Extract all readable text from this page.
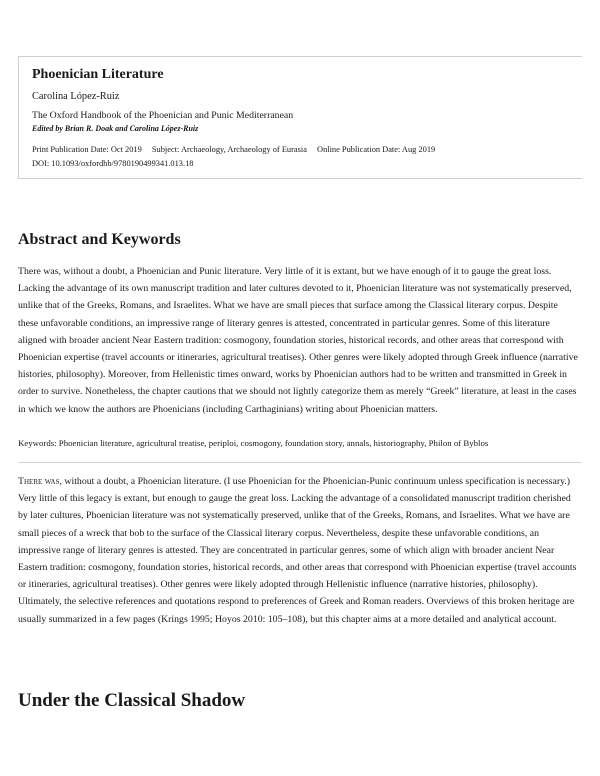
Phoenician Literature
Carolina López-Ruiz
The Oxford Handbook of the Phoenician and Punic Mediterranean
Edited by Brian R. Doak and Carolina López-Ruiz
Print Publication Date: Oct 2019 Subject: Archaeology, Archaeology of Eurasia Online Publication Date: Aug 2019
DOI: 10.1093/oxfordhb/9780190499341.013.18
Abstract and Keywords

There was, without a doubt, a Phoenician and Punic literature. Very little of it is extant, but we have enough of it to gauge the great loss. Lacking the advantage of its own manuscript tradition and later cultures devoted to it, Phoenician literature was not systematically preserved, unlike that of the Greeks, Romans, and Israelites. What we have are small pieces that surface among the Classical literary corpus. Despite these unfavorable conditions, an impressive range of literary genres is attested, concentrated in particular genres. Some of this literature aligned with broader ancient Near Eastern tradition: cosmogony, foundation stories, historical records, and other areas that correspond with Phoenician expertise (travel accounts or itineraries, agricultural treatises). Other genres were likely adopted through Greek influence (narrative histories, philosophy). Moreover, from Hellenistic times onward, works by Phoenician authors had to be written and transmitted in Greek in order to survive. Nonetheless, the chapter cautions that we should not lightly categorize them as merely “Greek” literature, at least in the cases in which we know the authors are Phoenicians (including Carthaginians) writing about Phoenician matters.

Keywords: Phoenician literature, agricultural treatise, periploi, cosmogony, foundation story, annals, historiography, Philon of Byblos

There was, without a doubt, a Phoenician literature. (I use Phoenician for the Phoenician-Punic continuum unless specification is necessary.) Very little of this legacy is extant, but enough to gauge the great loss. Lacking the advantage of a consolidated manuscript tradition cherished by later cultures, Phoenician literature was not systematically preserved, unlike that of the Greeks, Romans, and Israelites. What we have are small pieces of a wreck that bob to the surface of the Classical literary corpus. Nevertheless, despite these unfavorable conditions, an impressive range of literary genres is attested. They are concentrated in particular genres, some of which align with broader ancient Near Eastern tradition: cosmogony, foundation stories, historical records, and other areas that correspond with Phoenician expertise (travel accounts or itineraries, agricultural treatises). Other genres were likely adopted through Hellenistic influence (narrative histories, philosophy). Ultimately, the selective references and quotations respond to preferences of Greek and Roman readers. Overviews of this broken heritage are usually summarized in a few pages (Krings 1995; Hoyos 2010: 105–108), but this chapter aims at a more detailed and analytical account.

Under the Classical Shadow
